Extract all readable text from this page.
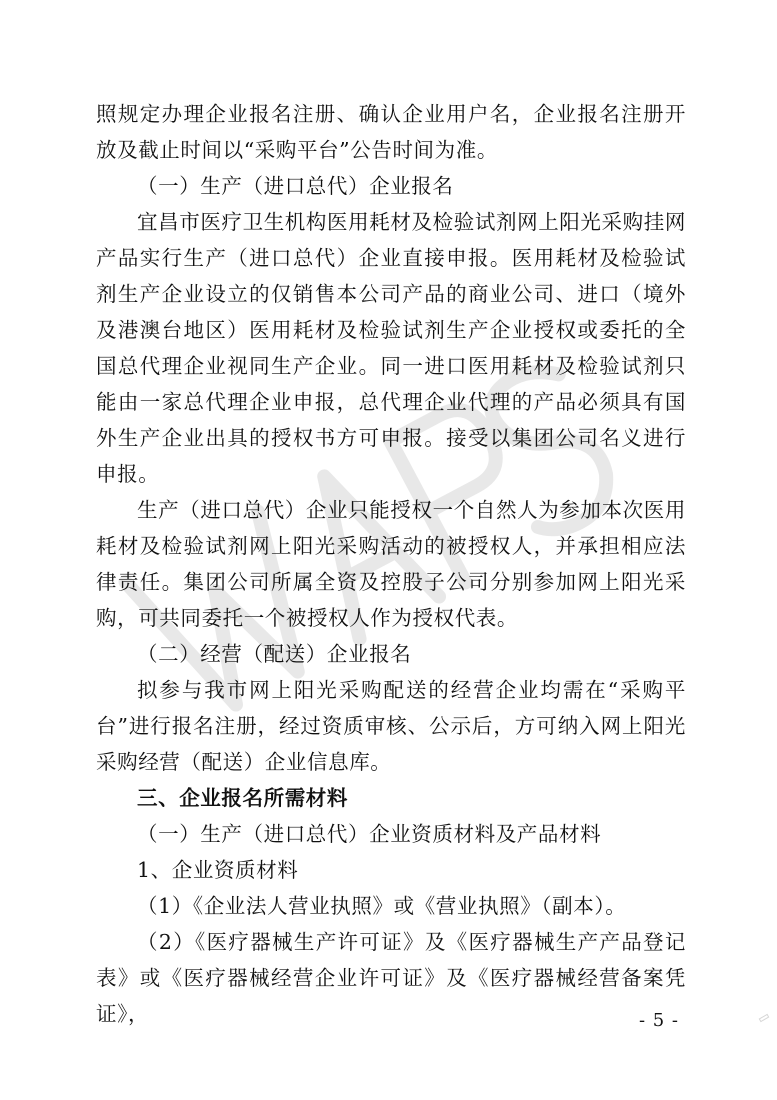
照规定办理企业报名注册、确认企业用户名，企业报名注册开放及截止时间以“采购平台”公告时间为准。

（一）生产（进口总代）企业报名

宜昌市医疗卫生机构医用耗材及检验试剂网上阳光采购挂网产品实行生产（进口总代）企业直接申报。医用耗材及检验试剂生产企业设立的仅销售本公司产品的商业公司、进口（境外及港澳台地区）医用耗材及检验试剂生产企业授权或委托的全国总代理企业视同生产企业。同一进口医用耗材及检验试剂只能由一家总代理企业申报，总代理企业代理的产品必须具有国外生产企业出具的授权书方可申报。接受以集团公司名义进行申报。

生产（进口总代）企业只能授权一个自然人为参加本次医用耗材及检验试剂网上阳光采购活动的被授权人，并承担相应法律责任。集团公司所属全资及控股子公司分别参加网上阳光采购，可共同委托一个被授权人作为授权代表。

（二）经营（配送）企业报名

拟参与我市网上阳光采购配送的经营企业均需在“采购平台”进行报名注册，经过资质审核、公示后，方可纳入网上阳光采购经营（配送）企业信息库。

三、企业报名所需材料

（一）生产（进口总代）企业资质材料及产品材料

1、企业资质材料

（1）《企业法人营业执照》或《营业执照》（副本）。

（2）《医疗器械生产许可证》及《医疗器械生产产品登记表》或《医疗器械经营企业许可证》及《医疗器械经营备案凭证》，	- 5 -
